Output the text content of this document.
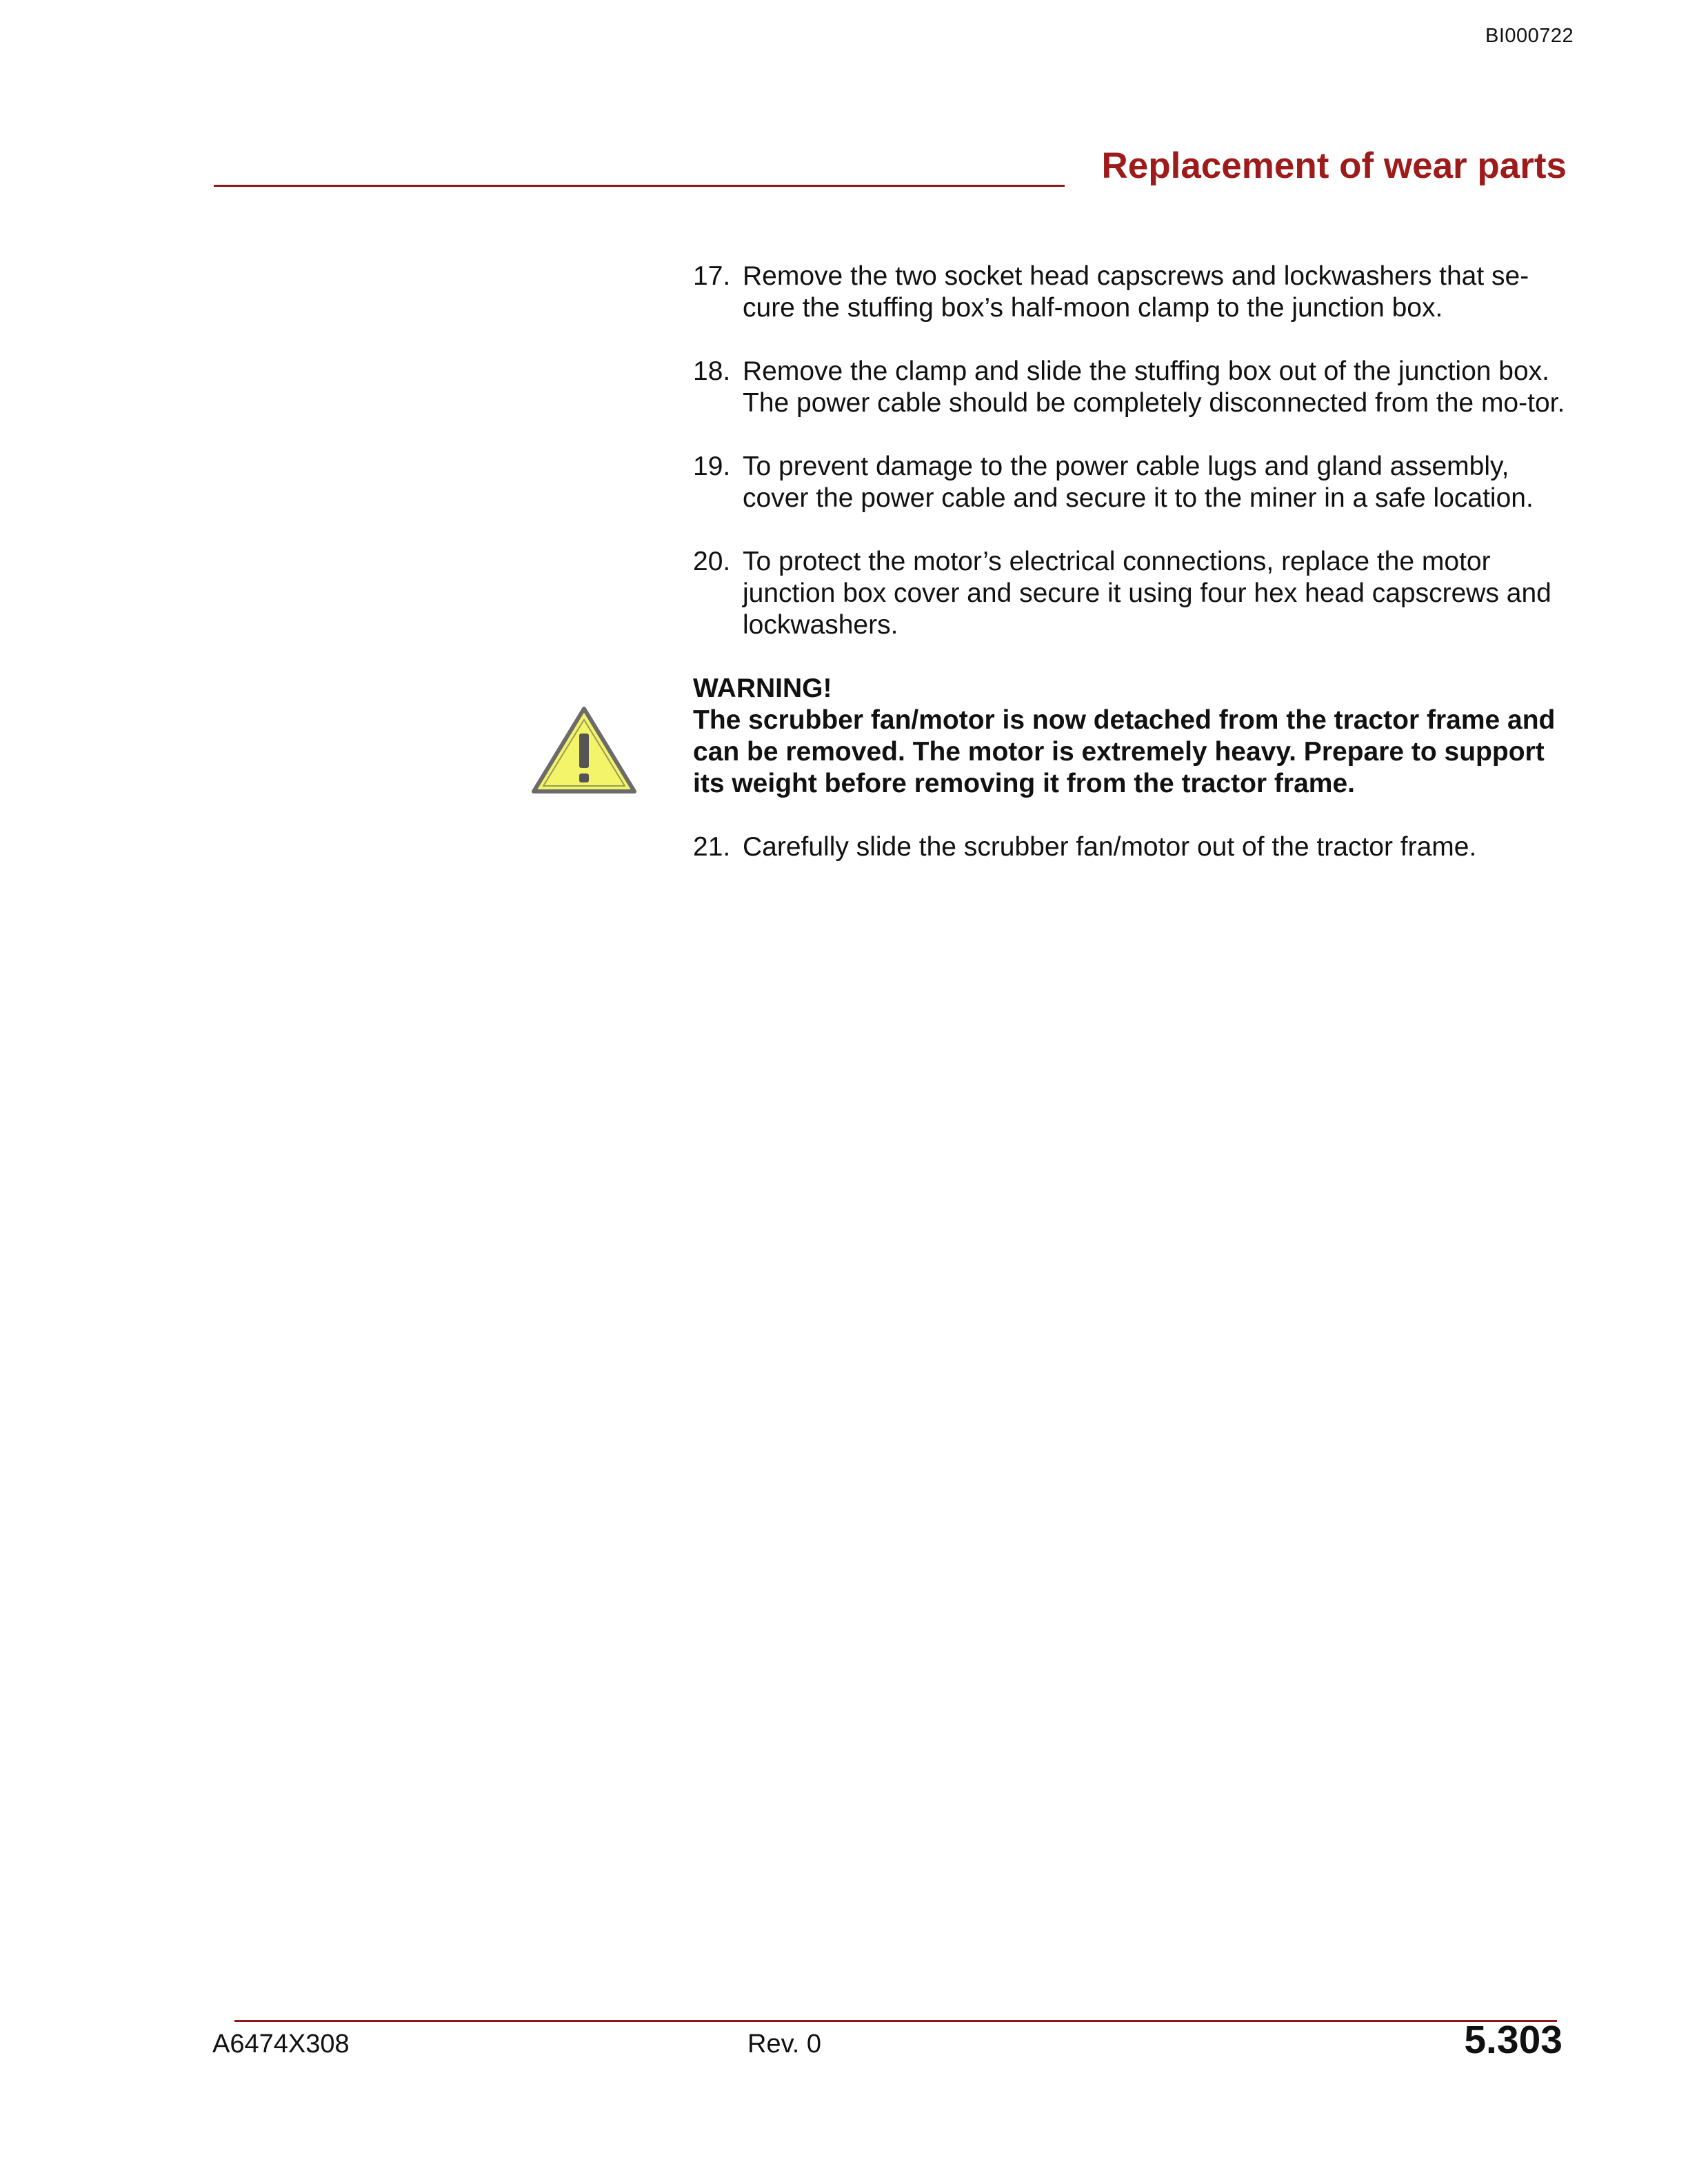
BI000722
Replacement of wear parts
17. Remove the two socket head capscrews and lockwashers that se-cure the stuffing box’s half-moon clamp to the junction box.
18. Remove the clamp and slide the stuffing box out of the junction box. The power cable should be completely disconnected from the mo-tor.
19. To prevent damage to the power cable lugs and gland assembly, cover the power cable and secure it to the miner in a safe location.
20. To protect the motor’s electrical connections, replace the motor junction box cover and secure it using four hex head capscrews and lockwashers.
WARNING!
The scrubber fan/motor is now detached from the tractor frame and can be removed. The motor is extremely heavy. Prepare to support its weight before removing it from the tractor frame.
21. Carefully slide the scrubber fan/motor out of the tractor frame.
A6474X308	Rev. 0	5.303
